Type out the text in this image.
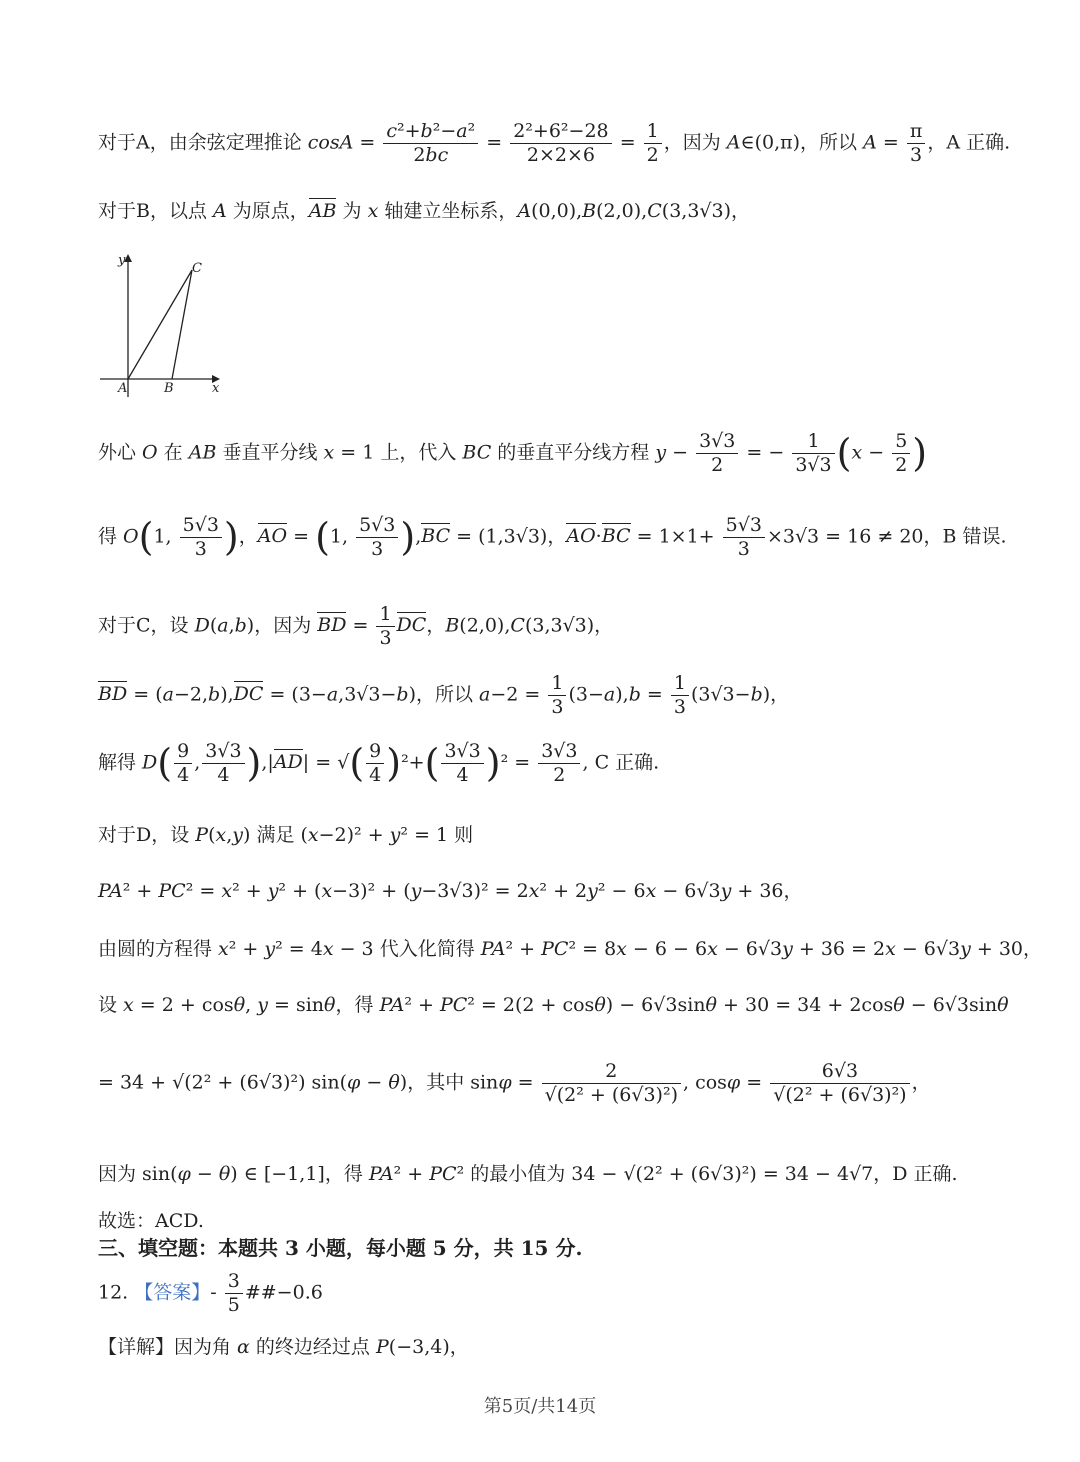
对于A，由余弦定理推论 $\cos A = \frac{\text{c²+b²−a²}}{2bc} = \frac{\text{2²+6²−28}}{2\times 2\times 6} = \frac{1}{2}$ ，因为 A∈(0,π)，所以 $A = \frac{\pi}{3}$ ，A 正确.
对于B，以点 A 为原点，AB 为 x 轴建立坐标系，A(0,0),B(2,0),C(3,3√3)，
y
x
A	B
C
外心 O 在 AB 垂直平分线 x = 1 上，代入 BC 的垂直平分线方程 $y - \frac{3√3}{2}$ = − $\frac{1}{3√3} (x - \frac{5}{2}$ )
得 O(1, $\frac{5√3}{3}$ )，AO = (1, $\frac{5√3}{3} ),BC = (1,3√3)$，$AO\cdot BC = 1\times 1+ \frac{5√3}{3} \times 3√3 = 16 \ne 20$，B 错误.
对于C，设 D(a,b)，因为 BD = $\frac{1}{3}$ DC，B(2,0),C(3,3√3)，
BD = (a−2,b),DC = (3−a,3√3−b)，所以 $a-2 = \frac{1}{3} (3-a),b = \frac{1}{3} (3√3-b)$，
解得 $D( \frac{9}{4}$ , $\frac{3√3}{4} ),|AD|$ = √( $\frac{9}{4} )^2+( \frac{3√3}{4} )^2 = \frac{3√3}{2}$ , C 正确.
对于D，设 P(x,y) 满足 (x−2)² + y² = 1 则
PA² + PC² = x² + y² + (x−3)² + (y−3√3)² = 2x² + 2y² − 6x − 6√3y + 36，
由圆的方程得 x² + y² = 4x − 3 代入化简得 PA² + PC² = 8x − 6 − 6x − 6√3y + 36 = 2x − 6√3y + 30，
设 x = 2 + cosθ, y = sinθ，得 PA² + PC² = 2(2 + cosθ) − 6√3sinθ + 30 = 34 + 2cosθ − 6√3sinθ
= 34 + √(2² + (6√3)²) sin(φ − θ)，其中 $\sin\varphi = \frac{2}{\text{√(2² + (6√3)²)}}$ , $\cos\varphi = \frac{6√3}{\text{√(2² + (6√3)²)}}$ ，
因为 sin(φ − θ) ∈ [−1,1]，得 PA² + PC² 的最小值为 34 − √(2² + (6√3)²) = 34 − 4√7，D 正确.
故选：ACD.
三、填空题：本题共 3 小题，每小题 5 分，共 15 分.
12. 【答案】- $\frac{3}{5}$ ##−0.6
【详解】因为角 α 的终边经过点 P(−3,4)，
第5页/共14页
